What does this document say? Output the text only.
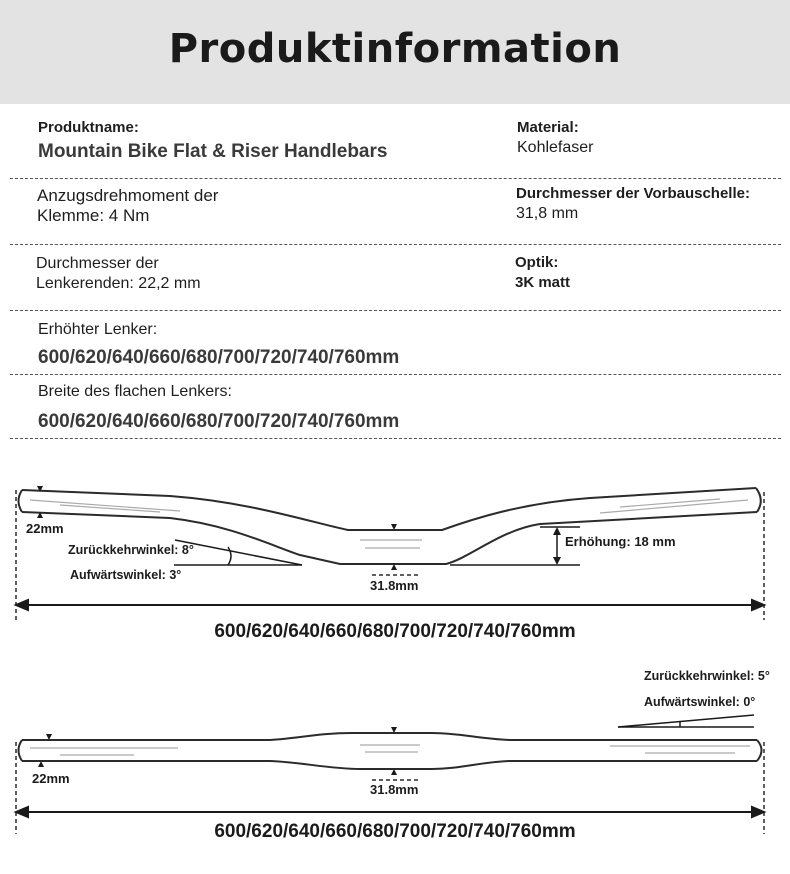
Produktinformation
Produktname:
Mountain Bike Flat & Riser Handlebars
Material:
Kohlefaser
Anzugsdrehmoment der
Klemme: 4 Nm
Durchmesser der Vorbauschelle:
31,8 mm
Durchmesser der
Lenkerenden: 22,2 mm
Optik:
3K matt
Erhöhter Lenker:
600/620/640/660/680/700/720/740/760mm
Breite des flachen Lenkers:
600/620/640/660/680/700/720/740/760mm
22mm
Zurückkehrwinkel: 8°
Aufwärtswinkel: 3°
31.8mm
Erhöhung: 18 mm
600/620/640/660/680/700/720/740/760mm
Zurückkehrwinkel: 5°
Aufwärtswinkel: 0°
22mm
31.8mm
600/620/640/660/680/700/720/740/760mm
